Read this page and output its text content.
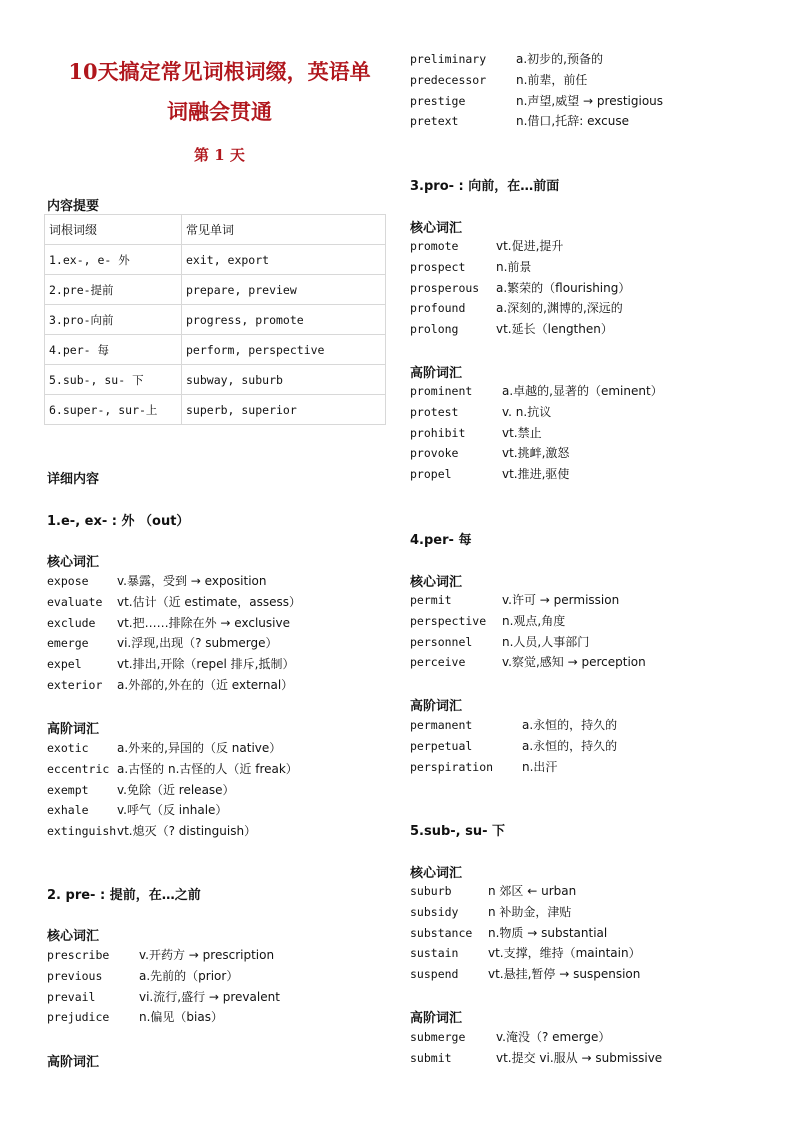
10天搞定常见词根词缀，英语单
词融会贯通
第 1 天
内容提要
词根词缀	常见单词
1.ex-, e- 外	exit, export
2.pre-提前	prepare, preview
3.pro-向前	progress, promote
4.per- 每	perform, perspective
5.sub-, su- 下	subway, suburb
6.super-, sur-上	superb, superior
详细内容
1.e-, ex- : 外 （out）
核心词汇
expose v.暴露，受到 → exposition
evaluate vt.估计（近 estimate，assess）
exclude vt.把……排除在外 → exclusive
emerge vi.浮现,出现（? submerge）
expel	vt.排出,开除（repel 排斥,抵制）
exterior a.外部的,外在的（近 external）
高阶词汇
exotic a.外来的,异国的（反 native）
eccentric a.古怪的 n.古怪的人（近 freak）
exempt v.免除（近 release）
exhale v.呼气（反 inhale）
extinguishvt.熄灭（? distinguish）
2. pre- : 提前，在…之前
核心词汇
prescribe v.开药方 → prescription
previous	a.先前的（prior）
prevail	vi.流行,盛行 → prevalent
prejudice n.偏见（bias）
高阶词汇
preliminary a.初步的,预备的
predecessor n.前辈，前任
prestige	n.声望,威望 → prestigious
pretext	n.借口,托辞: excuse
3.pro- : 向前，在…前面
核心词汇
promote	vt.促进,提升
prospect	n.前景
prosperous a.繁荣的（flourishing）
profound	a.深刻的,渊博的,深远的
prolong	vt.延长（lengthen）
高阶词汇
prominent a.卓越的,显著的（eminent）
protest	v. n.抗议
prohibit	vt.禁止
provoke	vt.挑衅,激怒
propel	vt.推进,驱使
4.per- 每
核心词汇
permit	v.许可 → permission
perspective n.观点,角度
personnel n.人员,人事部门
perceive	v.察觉,感知 → perception
高阶词汇
permanent	a.永恒的，持久的
perpetual	a.永恒的，持久的
perspiration n.出汗
5.sub-, su- 下
核心词汇
suburb	n 郊区 ← urban
subsidy n 补助金，津贴
substance n.物质 → substantial
sustain vt.支撑，维持（maintain）
suspend vt.悬挂,暂停 → suspension
高阶词汇
submerge	v.淹没（? emerge）
submit	vt.提交 vi.服从 → submissive
